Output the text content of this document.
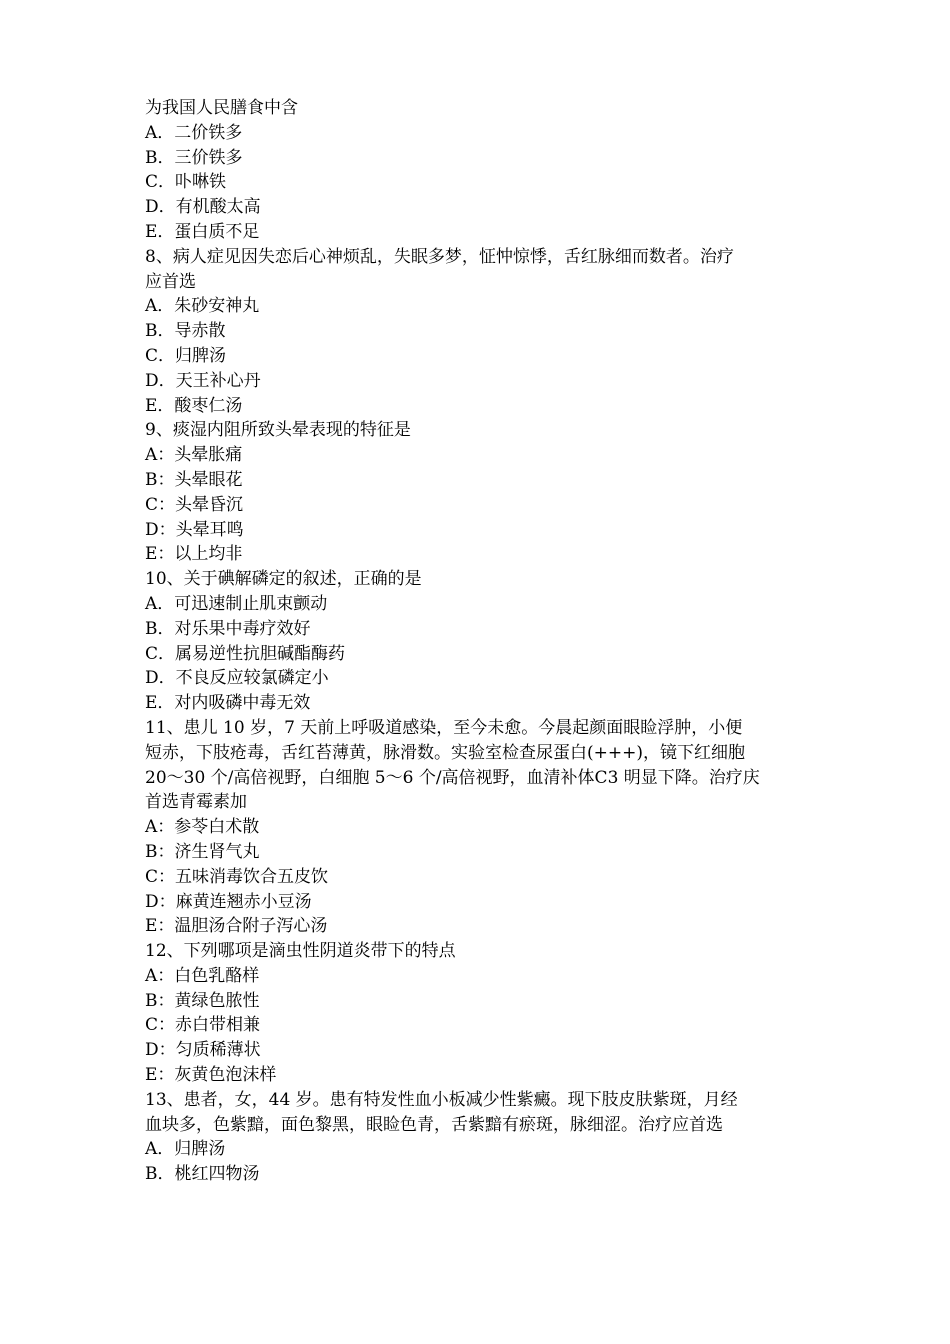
为我国人民膳食中含
A．二价铁多
B．三价铁多
C．卟啉铁
D．有机酸太高
E．蛋白质不足
8、病人症见因失恋后心神烦乱，失眠多梦，怔忡惊悸，舌红脉细而数者。治疗
应首选
A．朱砂安神丸
B．导赤散
C．归脾汤
D．天王补心丹
E．酸枣仁汤
9、痰湿内阻所致头晕表现的特征是
A：头晕胀痛
B：头晕眼花
C：头晕昏沉
D：头晕耳鸣
E：以上均非
10、关于碘解磷定的叙述，正确的是
A．可迅速制止肌束颤动
B．对乐果中毒疗效好
C．属易逆性抗胆碱酯酶药
D．不良反应较氯磷定小
E．对内吸磷中毒无效
11、患儿 10 岁，7 天前上呼吸道感染，至今未愈。今晨起颜面眼睑浮肿，小便
短赤，下肢疮毒，舌红苔薄黄，脉滑数。实验室检查尿蛋白(+++)，镜下红细胞
20～30 个/高倍视野，白细胞 5～6 个/高倍视野，血清补体C3 明显下降。治疗庆
首选青霉素加
A：参苓白术散
B：济生肾气丸
C：五味消毒饮合五皮饮
D：麻黄连翘赤小豆汤
E：温胆汤合附子泻心汤
12、下列哪项是滴虫性阴道炎带下的特点
A：白色乳酪样
B：黄绿色脓性
C：赤白带相兼
D：匀质稀薄状
E：灰黄色泡沫样
13、患者，女，44 岁。患有特发性血小板减少性紫癜。现下肢皮肤紫斑，月经
血块多，色紫黯，面色黎黑，眼睑色青，舌紫黯有瘀斑，脉细涩。治疗应首选
A．归脾汤
B．桃红四物汤
